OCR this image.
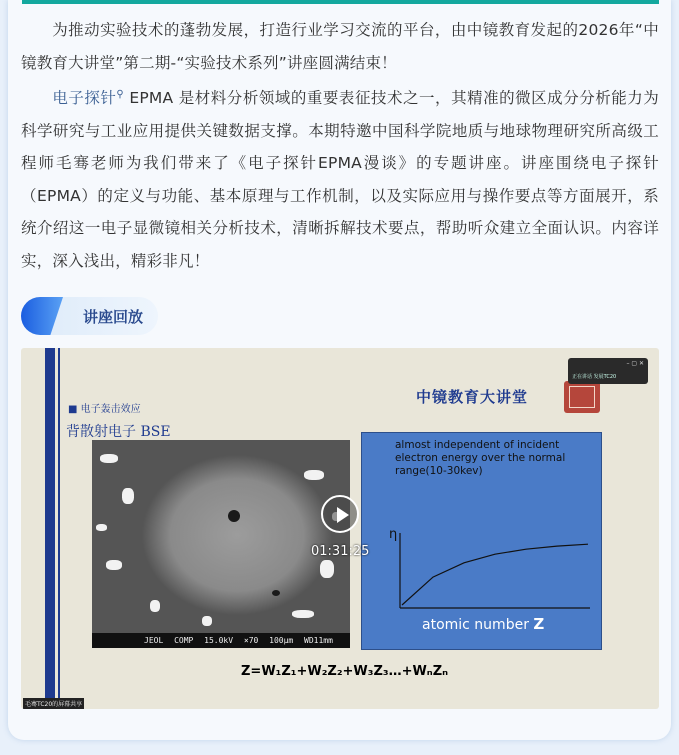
为推动实验技术的蓬勃发展，打造行业学习交流的平台，由中镜教育发起的2026年“中镜教育大讲堂”第二期-“实验技术系列”讲座圆满结束！
电子探针⚲ EPMA 是材料分析领域的重要表征技术之一，其精准的微区成分分析能力为科学研究与工业应用提供关键数据支撑。本期特邀中国科学院地质与地球物理研究所高级工程师毛骞老师为我们带来了《电子探针EPMA漫谈》的专题讲座。讲座围绕电子探针（EPMA）的定义与功能、基本原理与工作机制，以及实际应用与操作要点等方面展开，系统介绍这一电子显微镜相关分析技术，清晰拆解技术要点，帮助听众建立全面认识。内容详实，深入浅出，精彩非凡！
讲座回放
■ 电子轰击效应
背散射电子 BSE
中镜教育大讲堂
– ▢ ✕
正在讲话 发展TC20
JEOL COMP 15.0kV ×70 100μm WD11mm
almost independent of incident electron energy over the normal range(10-30kev)
η
atomic number Z
Z=W₁Z₁+W₂Z₂+W₃Z₃…+WₙZₙ
01:31:25
毛骞TC20的屏幕共享
